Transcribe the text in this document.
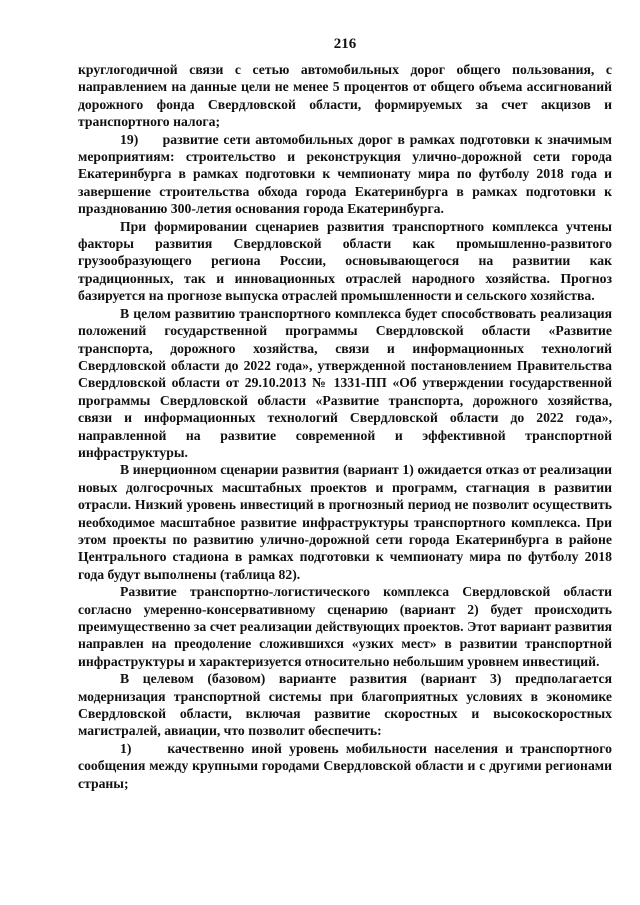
216

круглогодичной связи с сетью автомобильных дорог общего пользования, с направлением на данные цели не менее 5 процентов от общего объема ассигнований дорожного фонда Свердловской области, формируемых за счет акцизов и транспортного налога;

19)     развитие сети автомобильных дорог в рамках подготовки к значимым мероприятиям: строительство и реконструкция улично-дорожной сети города Екатеринбурга в рамках подготовки к чемпионату мира по футболу 2018 года и завершение строительства обхода города Екатеринбурга в рамках подготовки к празднованию 300-летия основания города Екатеринбурга.

При формировании сценариев развития транспортного комплекса учтены факторы развития Свердловской области как промышленно-развитого грузообразующего региона России, основывающегося на развитии как традиционных, так и инновационных отраслей народного хозяйства. Прогноз базируется на прогнозе выпуска отраслей промышленности и сельского хозяйства.

В целом развитию транспортного комплекса будет способствовать реализация положений государственной программы Свердловской области «Развитие транспорта, дорожного хозяйства, связи и информационных технологий Свердловской области до 2022 года», утвержденной постановлением Правительства Свердловской области от 29.10.2013 № 1331-ПП «Об утверждении государственной программы Свердловской области «Развитие транспорта, дорожного хозяйства, связи и информационных технологий Свердловской области до 2022 года», направленной на развитие современной и эффективной транспортной инфраструктуры.

В инерционном сценарии развития (вариант 1) ожидается отказ от реализации новых долгосрочных масштабных проектов и программ, стагнация в развитии отрасли. Низкий уровень инвестиций в прогнозный период не позволит осуществить необходимое масштабное развитие инфраструктуры транспортного комплекса. При этом проекты по развитию улично-дорожной сети города Екатеринбурга в районе Центрального стадиона в рамках подготовки к чемпионату мира по футболу 2018 года будут выполнены (таблица 82).

Развитие транспортно-логистического комплекса Свердловской области согласно умеренно-консервативному сценарию (вариант 2) будет происходить преимущественно за счет реализации действующих проектов. Этот вариант развития направлен на преодоление сложившихся «узких мест» в развитии транспортной инфраструктуры и характеризуется относительно небольшим уровнем инвестиций.

В целевом (базовом) варианте развития (вариант 3) предполагается модернизация транспортной системы при благоприятных условиях в экономике Свердловской области, включая развитие скоростных и высокоскоростных магистралей, авиации, что позволит обеспечить:

1)     качественно иной уровень мобильности населения и транспортного сообщения между крупными городами Свердловской области и с другими регионами страны;
